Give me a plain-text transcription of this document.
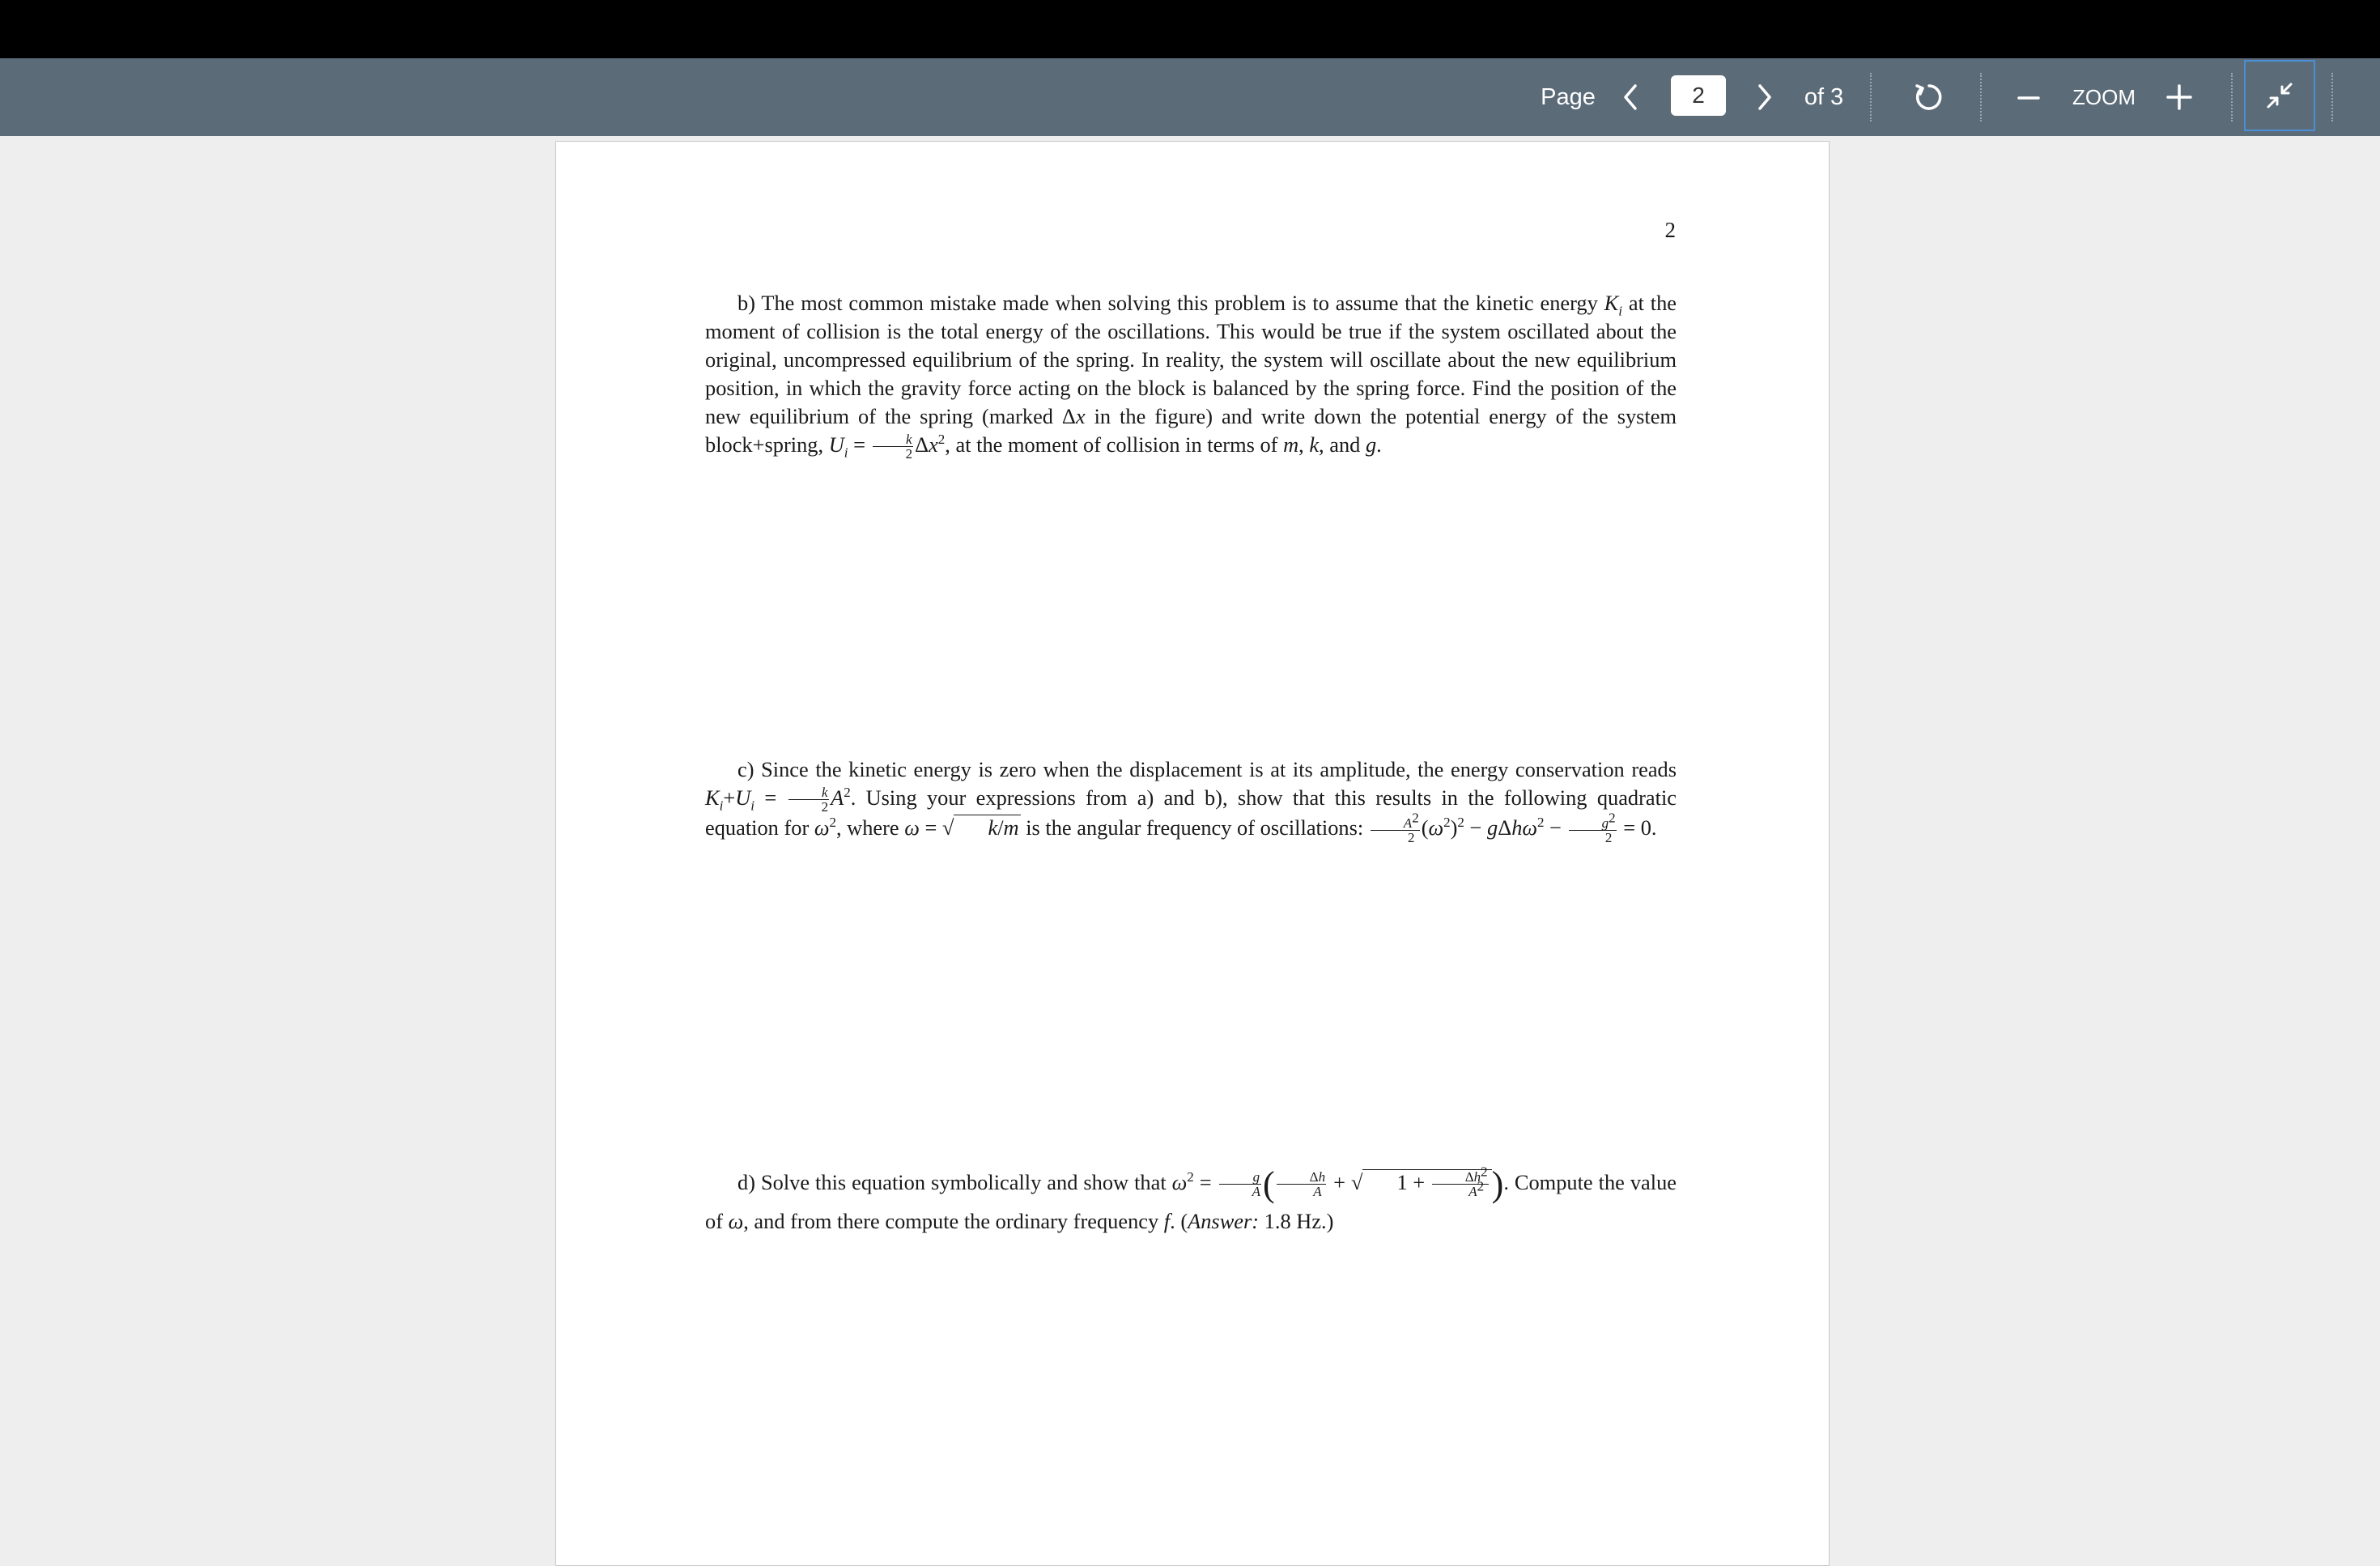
Page
2	of 3	ZOOM
2

b) The most common mistake made when solving this problem is to assume that the kinetic energy $K_i$ at the moment of collision is the total energy of the oscillations. This would be true if the system oscillated about the original, uncompressed equilibrium of the spring. In reality, the system will oscillate about the new equilibrium position, in which the gravity force acting on the block is balanced by the spring force. Find the position of the new equilibrium of the spring (marked Δx in the figure) and write down the potential energy of the system block+spring, $U_i = \frac{k}{2} \Delta x^2$, at the moment of collision in terms of m, k, and g.

c) Since the kinetic energy is zero when the displacement is at its amplitude, the energy conservation reads $K_i+U_i = \frac{k}{2} A^2$. Using your expressions from a) and b), show that this results in the following quadratic equation for $\omega^2$, where ω = √ k/m is the angular frequency of oscillations: $\frac{A^2}{2} (\omega^2)^2 - g\Delta h\omega^2 - \frac{g^2}{2} = 0$.

d) Solve this equation symbolically and show that $\omega^2 = \frac{g}{A}$ ( $\frac{\Delta h}{A}$ + √ $1 + \frac{\Delta h^2}{A^2}$ ). Compute the value of ω, and from there compute the ordinary frequency f. (Answer: 1.8 Hz.)
